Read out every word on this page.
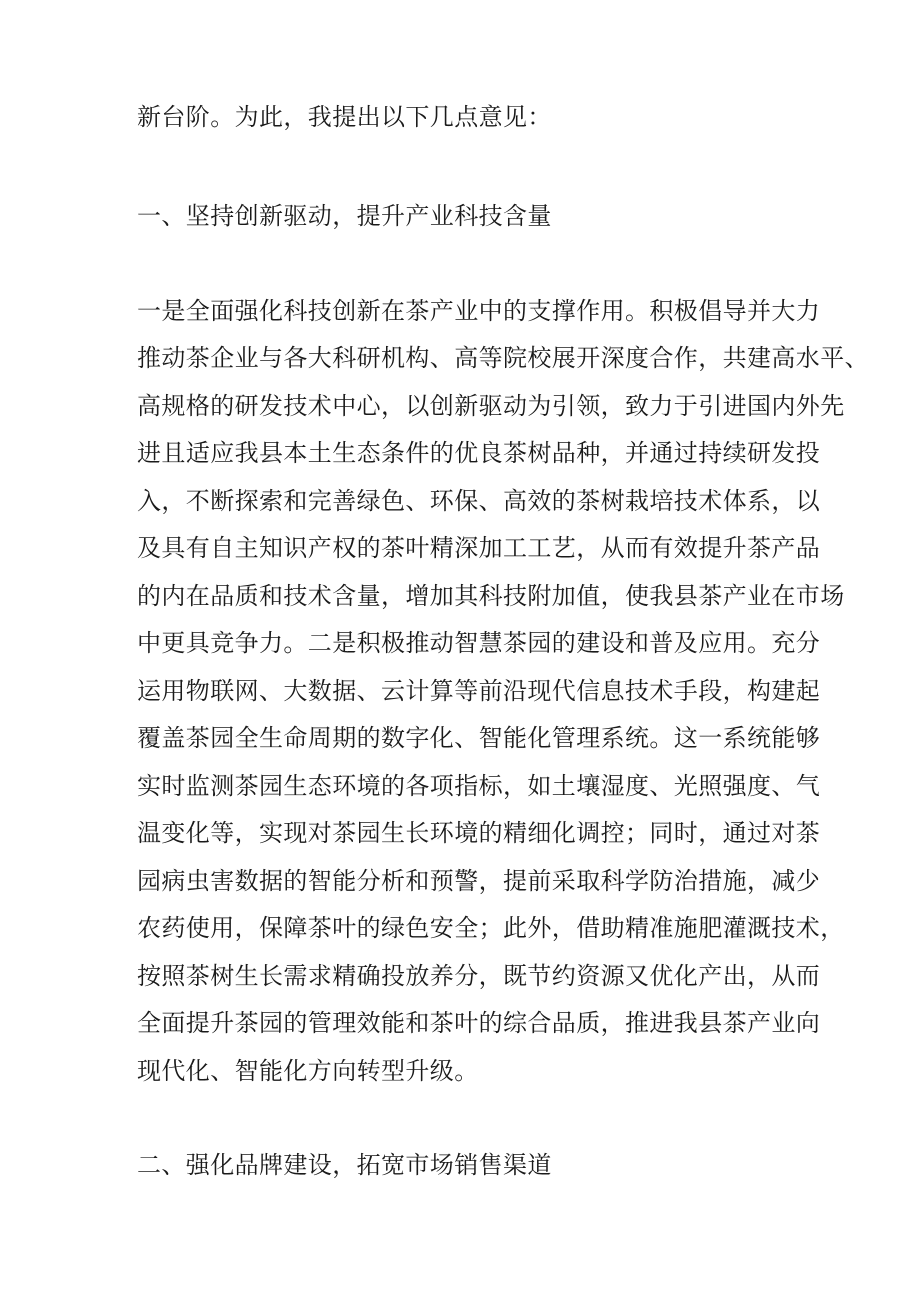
新台阶。为此，我提出以下几点意见：
一、坚持创新驱动，提升产业科技含量
一是全面强化科技创新在茶产业中的支撑作用。积极倡导并大力
推动茶企业与各大科研机构、高等院校展开深度合作，共建高水平、
高规格的研发技术中心，以创新驱动为引领，致力于引进国内外先
进且适应我县本土生态条件的优良茶树品种，并通过持续研发投
入，不断探索和完善绿色、环保、高效的茶树栽培技术体系，以
及具有自主知识产权的茶叶精深加工工艺，从而有效提升茶产品
的内在品质和技术含量，增加其科技附加值，使我县茶产业在市场
中更具竞争力。二是积极推动智慧茶园的建设和普及应用。充分
运用物联网、大数据、云计算等前沿现代信息技术手段，构建起
覆盖茶园全生命周期的数字化、智能化管理系统。这一系统能够
实时监测茶园生态环境的各项指标，如土壤湿度、光照强度、气
温变化等，实现对茶园生长环境的精细化调控；同时，通过对茶
园病虫害数据的智能分析和预警，提前采取科学防治措施，减少
农药使用，保障茶叶的绿色安全；此外，借助精准施肥灌溉技术，
按照茶树生长需求精确投放养分，既节约资源又优化产出，从而
全面提升茶园的管理效能和茶叶的综合品质，推进我县茶产业向
现代化、智能化方向转型升级。
二、强化品牌建设，拓宽市场销售渠道
